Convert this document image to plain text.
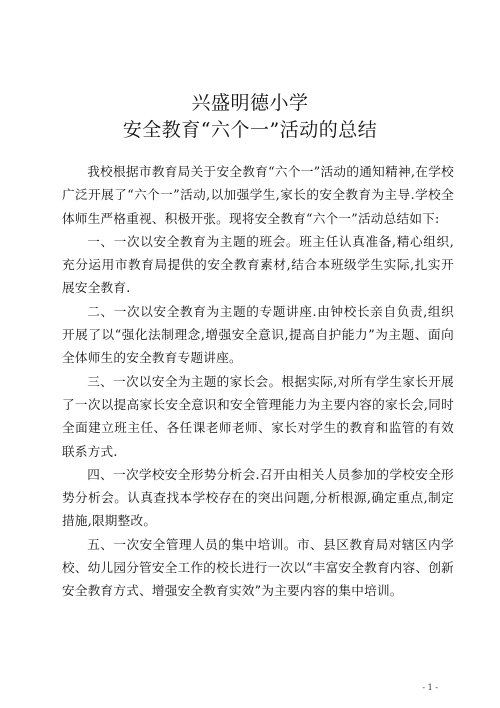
兴盛明德小学
安全教育“六个一”活动的总结

我校根据市教育局关于安全教育“六个一”活动的通知精神,在学校广泛开展了“六个一”活动,以加强学生,家长的安全教育为主导.学校全体师生严格重视、积极开张。现将安全教育“六个一”活动总结如下:

一、一次以安全教育为主题的班会。班主任认真准备,精心组织,充分运用市教育局提供的安全教育素材,结合本班级学生实际,扎实开展安全教育.

二、一次以安全教育为主题的专题讲座.由钟校长亲自负责,组织开展了以“强化法制理念,增强安全意识,提高自护能力”为主题、面向全体师生的安全教育专题讲座。

三、一次以安全为主题的家长会。根据实际,对所有学生家长开展了一次以提高家长安全意识和安全管理能力为主要内容的家长会,同时全面建立班主任、各任课老师老师、家长对学生的教育和监管的有效联系方式.

四、一次学校安全形势分析会.召开由相关人员参加的学校安全形势分析会。认真查找本学校存在的突出问题,分析根源,确定重点,制定措施,限期整改。

五、一次安全管理人员的集中培训。市、县区教育局对辖区内学校、幼儿园分管安全工作的校长进行一次以“丰富安全教育内容、创新安全教育方式、增强安全教育实效”为主要内容的集中培训。

- 1 -
